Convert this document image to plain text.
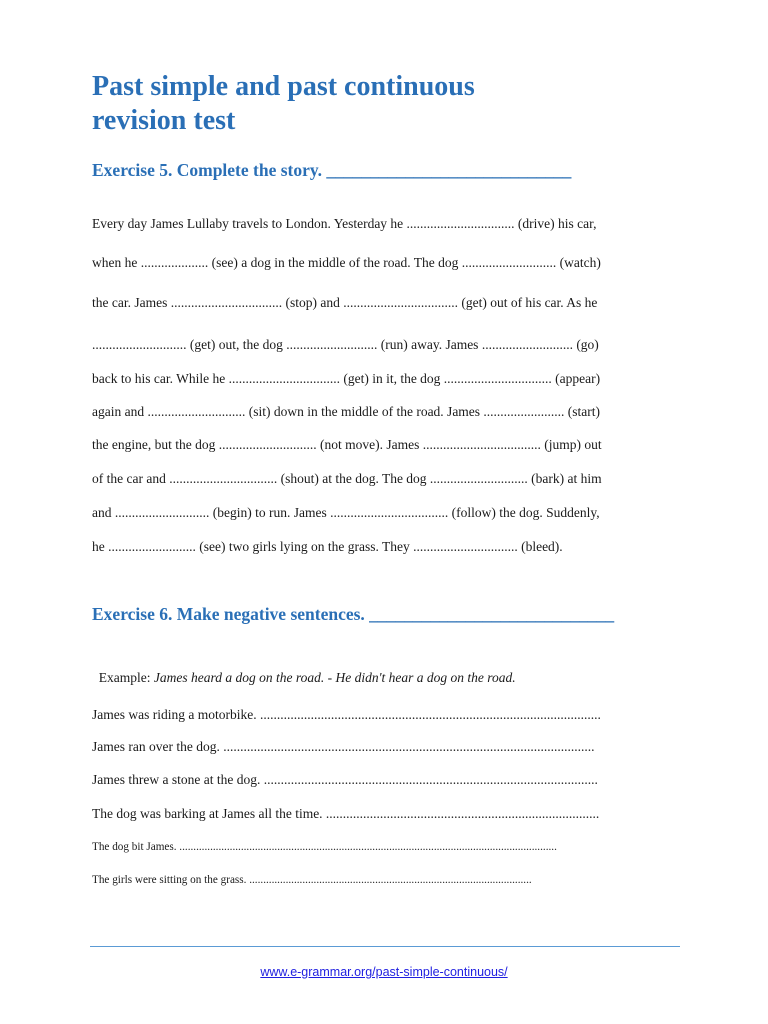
Past simple and past continuous
revision test
Exercise 5. Complete the story. ____________________________
Every day James Lullaby travels to London. Yesterday he ................................ (drive) his car,
when he .................... (see) a dog in the middle of the road. The dog ............................ (watch)
the car. James ................................. (stop) and .................................. (get) out of his car. As he
............................ (get) out, the dog ........................... (run) away. James ........................... (go)
back to his car. While he ................................. (get) in it, the dog ................................ (appear)
again and ............................. (sit) down in the middle of the road. James ........................ (start)
the engine, but the dog ............................. (not move). James ................................... (jump) out
of the car and ................................ (shout) at the dog. The dog ............................. (bark) at him
and ............................ (begin) to run. James ................................... (follow) the dog. Suddenly,
he .......................... (see) two girls lying on the grass. They ............................... (bleed).
Exercise 6. Make negative sentences. ____________________________

Example: James heard a dog on the road. - He didn't hear a dog on the road.

James was riding a motorbike. .....................................................................................................
James ran over the dog. ..............................................................................................................
James threw a stone at the dog. ...................................................................................................
The dog was barking at James all the time. .................................................................................
The dog bit James. .......................................................................................................................................
The girls were sitting on the grass. .....................................................................................................
www.e-grammar.org/past-simple-continuous/
